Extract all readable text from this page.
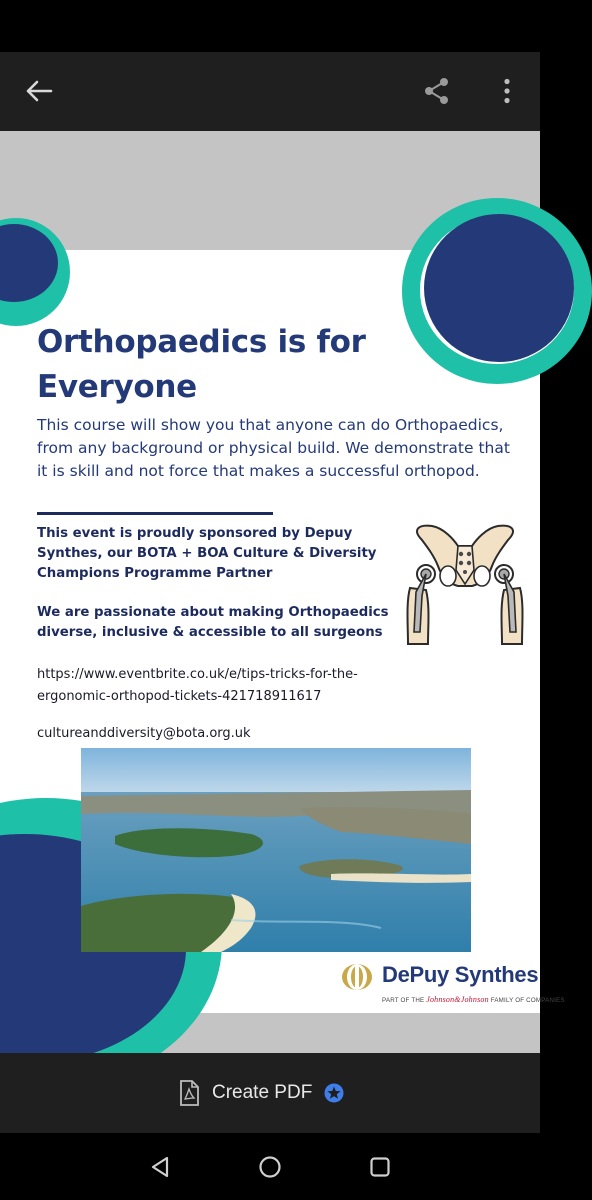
Orthopaedics is for Everyone
This course will show you that anyone can do Orthopaedics, from any background or physical build. We demonstrate that it is skill and not force that makes a successful orthopod.
This event is proudly sponsored by Depuy Synthes, our BOTA + BOA Culture & Diversity Champions Programme Partner
We are passionate about making Orthopaedics diverse, inclusive & accessible to all surgeons
https://www.eventbrite.co.uk/e/tips-tricks-for-the-ergonomic-orthopod-tickets-421718911617
cultureanddiversity@bota.org.uk
DePuy Synthes
PART OF THE Johnson&Johnson FAMILY OF COMPANIES
Create PDF
